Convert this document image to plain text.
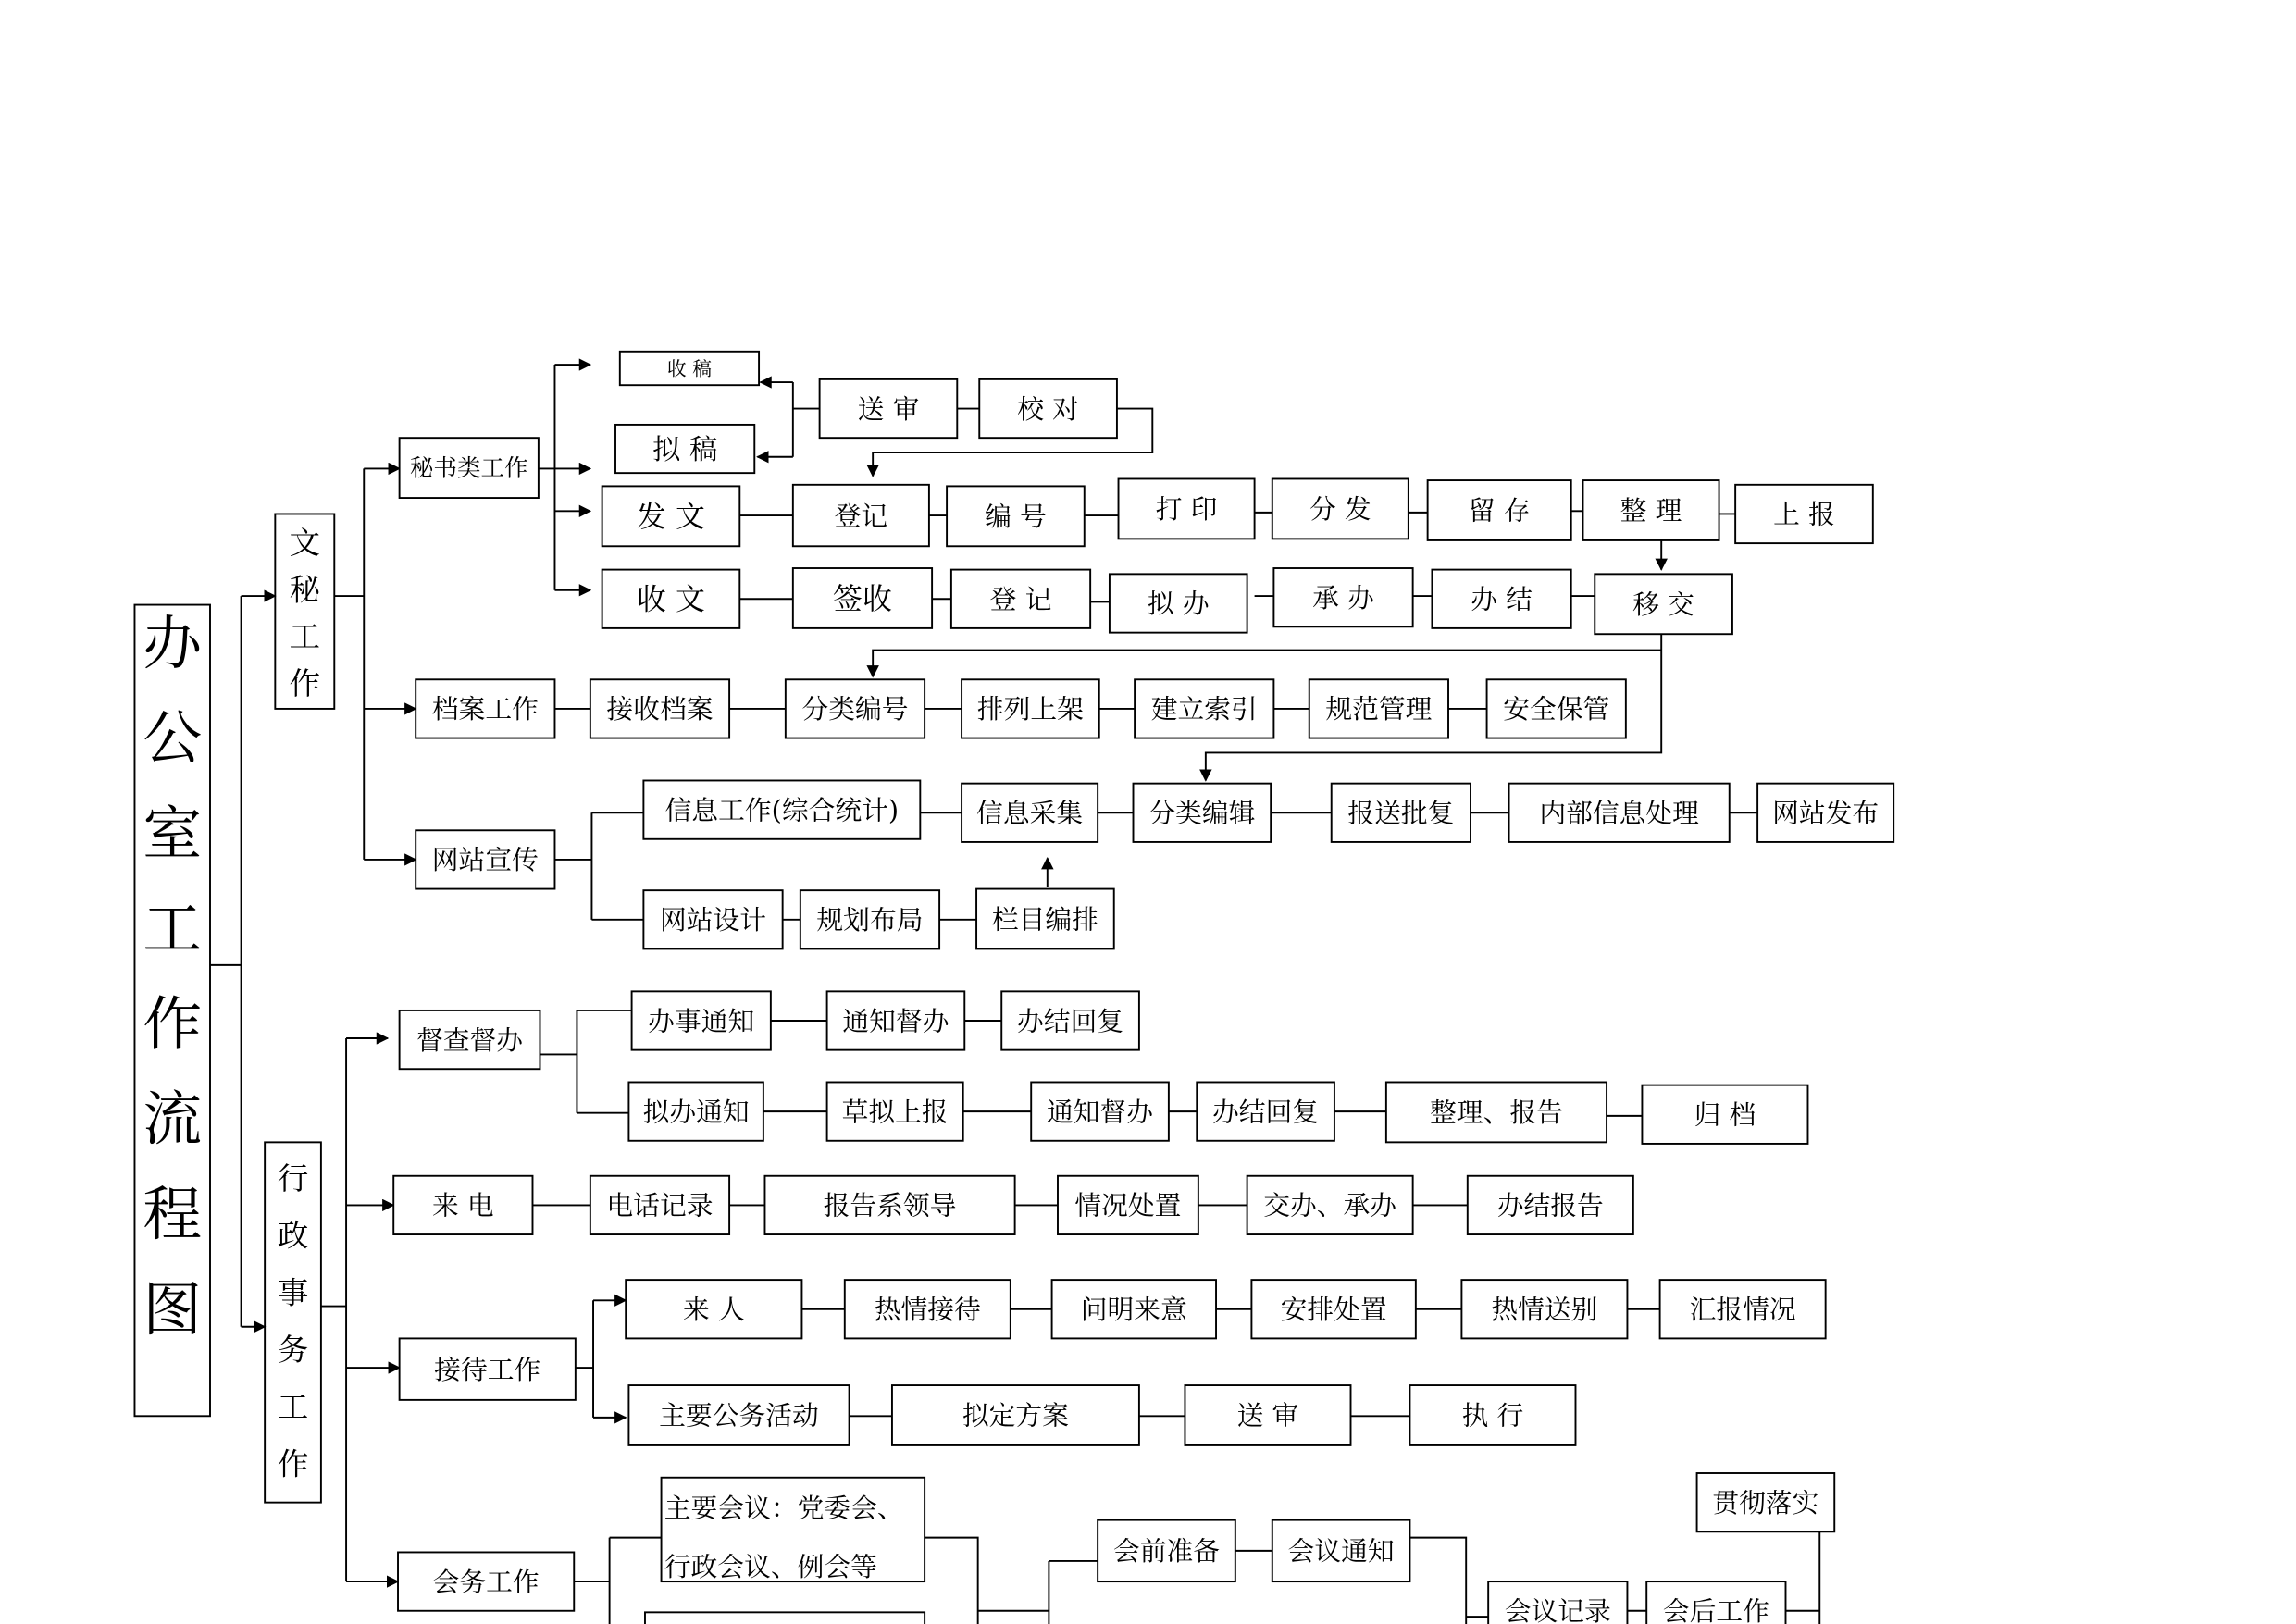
办公室工作流程图
文秘工作
行政事务工作
秘书类工作
收 稿
拟 稿
送 审	校 对
发 文	登记	编 号	打 印	分 发	留 存	整 理	上 报
收 文	签收	登 记	拟 办	承 办	办 结	移 交
档案工作	接收档案	分类编号	排列上架	建立索引	规范管理	安全保管
网站宣传
信息工作(综合统计)	信息采集	分类编辑	报送批复	内部信息处理	网站发布
网站设计	规划布局	栏目编排
督查督办
办事通知	通知督办	办结回复
拟办通知	草拟上报	通知督办	办结回复	整理、报告	归 档
来 电	电话记录	报告系领导	情况处置	交办、承办	办结报告
接待工作
来 人	热情接待	问明来意	安排处置	热情送别	汇报情况
主要公务活动	拟定方案	送 审	执 行
会务工作
会前准备	会议通知
会议记录	会后工作
贯彻落实
主要会议：党委会、
行政会议、例会等
